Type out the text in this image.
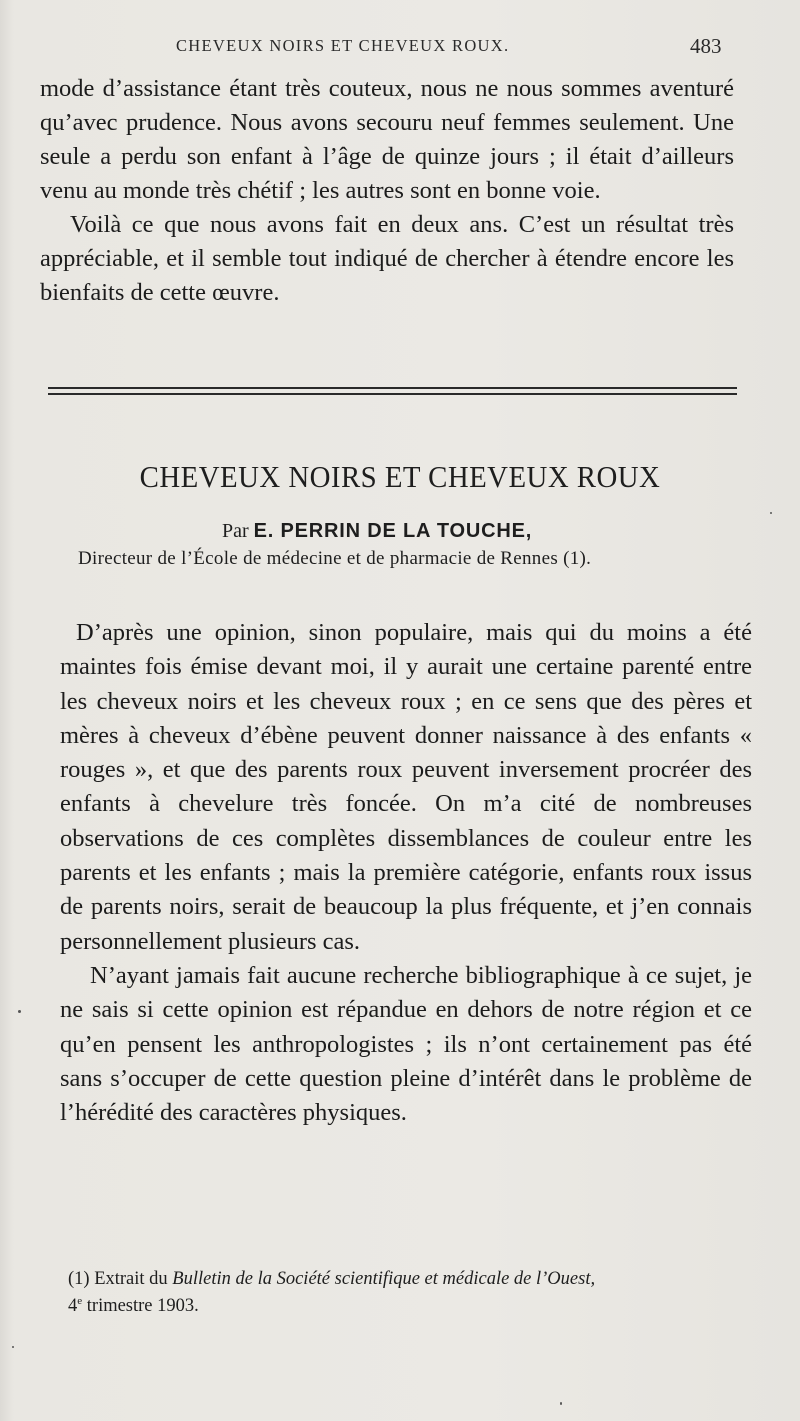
CHEVEUX NOIRS ET CHEVEUX ROUX.	483

mode d’assistance étant très couteux, nous ne nous sommes aventuré qu’avec prudence. Nous avons secouru neuf femmes seulement. Une seule a perdu son enfant à l’âge de quinze jours ; il était d’ailleurs venu au monde très chétif ; les autres sont en bonne voie.

Voilà ce que nous avons fait en deux ans. C’est un résultat très appréciable, et il semble tout indiqué de chercher à étendre encore les bienfaits de cette œuvre.

CHEVEUX NOIRS ET CHEVEUX ROUX
Par E. PERRIN DE LA TOUCHE,
Directeur de l’École de médecine et de pharmacie de Rennes (1).

D’après une opinion, sinon populaire, mais qui du moins a été maintes fois émise devant moi, il y aurait une certaine parenté entre les cheveux noirs et les cheveux roux ; en ce sens que des pères et mères à cheveux d’ébène peuvent donner naissance à des enfants « rouges », et que des parents roux peuvent inversement procréer des enfants à chevelure très foncée. On m’a cité de nombreuses observations de ces complètes dissemblances de couleur entre les parents et les enfants ; mais la première catégorie, enfants roux issus de parents noirs, serait de beaucoup la plus fréquente, et j’en connais personnellement plusieurs cas.

N’ayant jamais fait aucune recherche bibliographique à ce sujet, je ne sais si cette opinion est répandue en dehors de notre région et ce qu’en pensent les anthropologistes ; ils n’ont certainement pas été sans s’occuper de cette question pleine d’intérêt dans le problème de l’hérédité des caractères physiques.

(1) Extrait du Bulletin de la Société scientifique et médicale de l’Ouest,
4e trimestre 1903.
